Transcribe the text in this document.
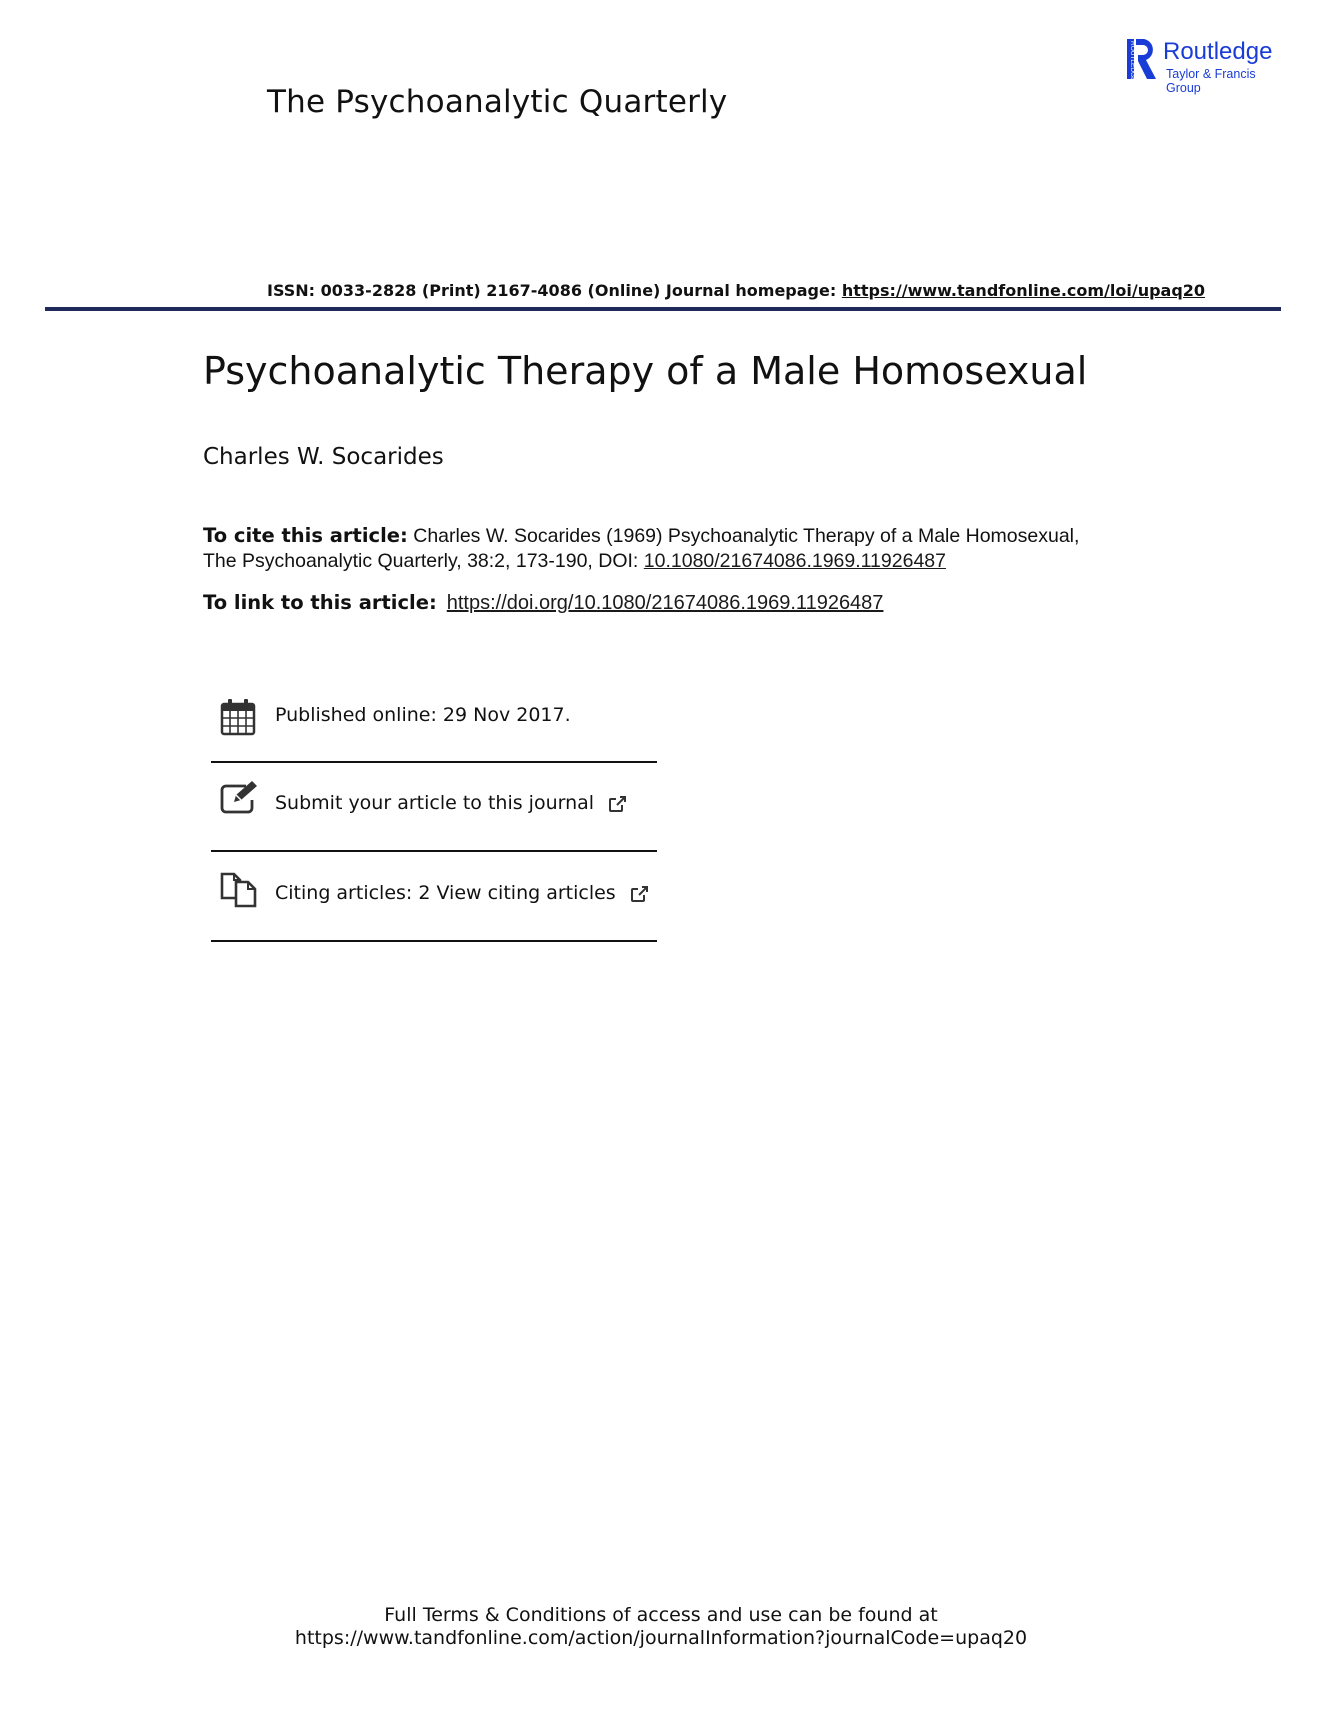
The Psychoanalytic Quarterly
ROUTLEDGE Routledge
Taylor & Francis Group
ISSN: 0033-2828 (Print) 2167-4086 (Online) Journal homepage: https://www.tandfonline.com/loi/upaq20
Psychoanalytic Therapy of a Male Homosexual
Charles W. Socarides
To cite this article: Charles W. Socarides (1969) Psychoanalytic Therapy of a Male Homosexual,
The Psychoanalytic Quarterly, 38:2, 173-190, DOI: 10.1080/21674086.1969.11926487
To link to this article: https://doi.org/10.1080/21674086.1969.11926487
Published online: 29 Nov 2017.
Submit your article to this journal
Citing articles: 2 View citing articles
Full Terms & Conditions of access and use can be found at
https://www.tandfonline.com/action/journalInformation?journalCode=upaq20
